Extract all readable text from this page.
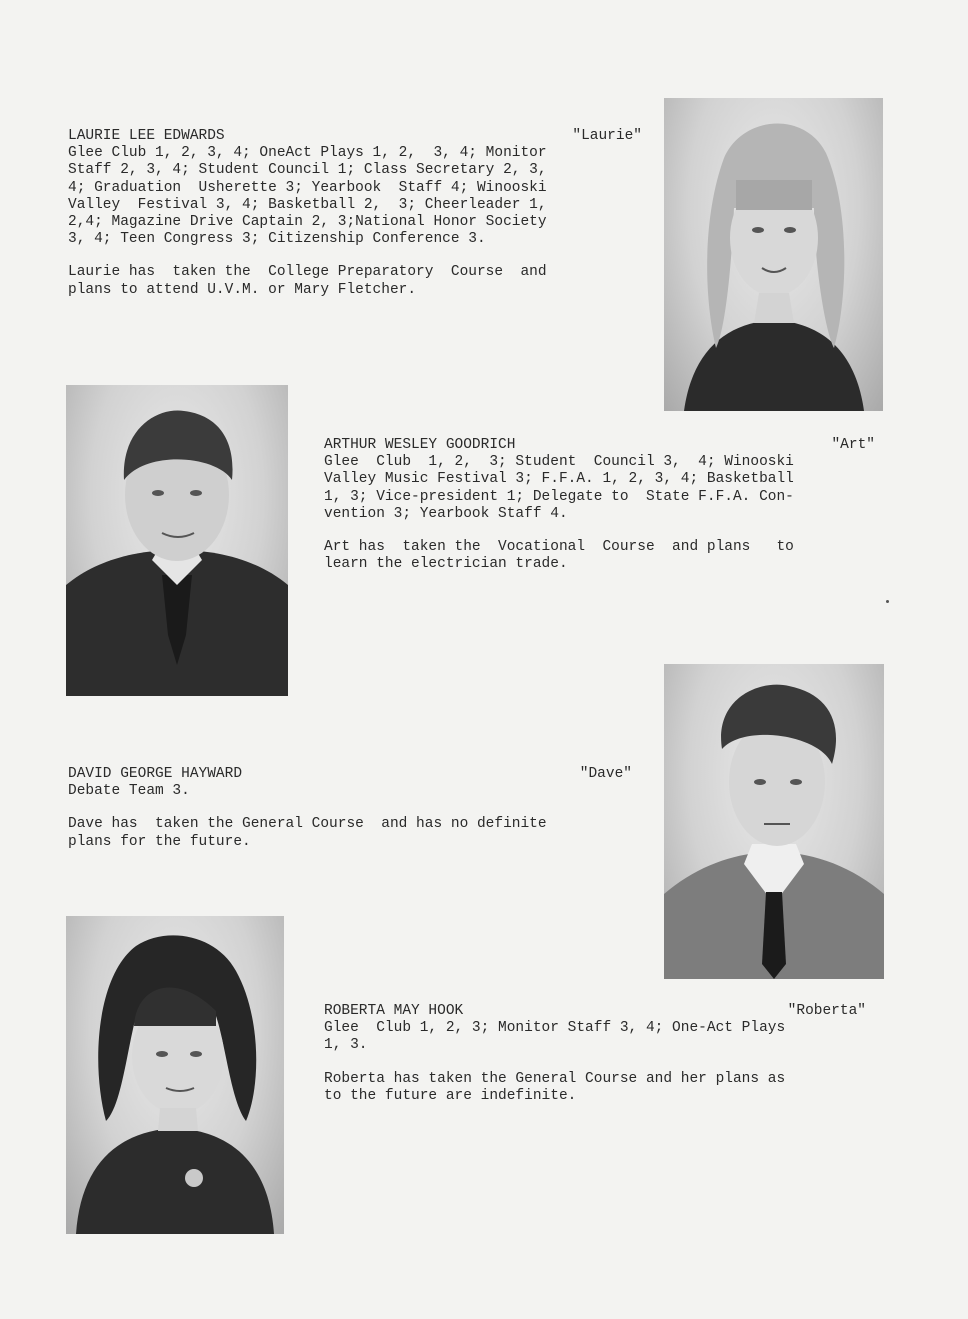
LAURIE LEE EDWARDS	"Laurie"
Glee Club 1, 2, 3, 4; OneAct Plays 1, 2,  3, 4; Monitor
Staff 2, 3, 4; Student Council 1; Class Secretary 2, 3,
4; Graduation  Usherette 3; Yearbook  Staff 4; Winooski
Valley  Festival 3, 4; Basketball 2,  3; Cheerleader 1,
2,4; Magazine Drive Captain 2, 3;National Honor Society
3, 4; Teen Congress 3; Citizenship Conference 3.
Laurie has  taken the  College Preparatory  Course  and
plans to attend U.V.M. or Mary Fletcher.
ARTHUR WESLEY GOODRICH	"Art"
Glee  Club  1, 2,  3; Student  Council 3,  4; Winooski
Valley Music Festival 3; F.F.A. 1, 2, 3, 4; Basketball
1, 3; Vice-president 1; Delegate to  State F.F.A. Con-
vention 3; Yearbook Staff 4.
Art has  taken the  Vocational  Course  and plans   to
learn the electrician trade.
DAVID GEORGE HAYWARD	"Dave"
Debate Team 3.
Dave has  taken the General Course  and has no definite
plans for the future.
ROBERTA MAY HOOK	"Roberta"
Glee  Club 1, 2, 3; Monitor Staff 3, 4; One-Act Plays
1, 3.
Roberta has taken the General Course and her plans as
to the future are indefinite.
